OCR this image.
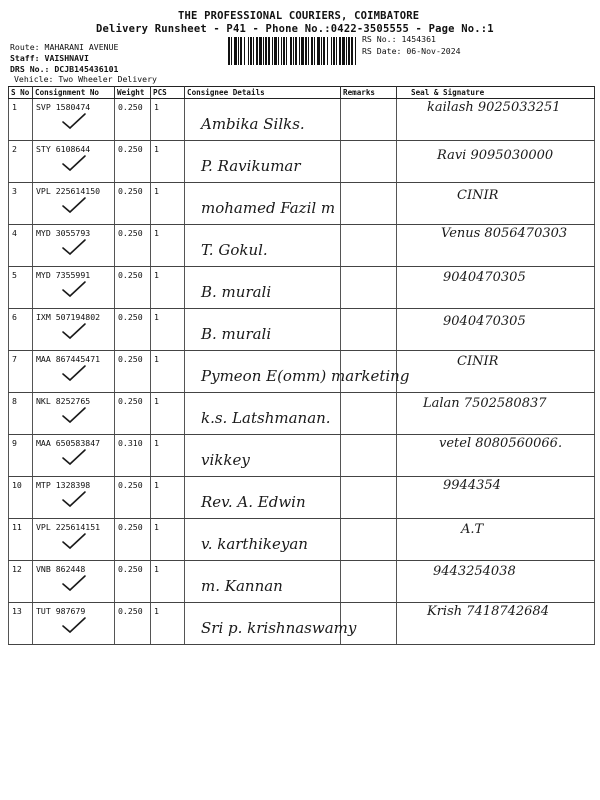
THE PROFESSIONAL COURIERS, COIMBATORE
Delivery Runsheet - P41 - Phone No.:0422-3505555 - Page No.:1
Route: MAHARANI AVENUE
Staff: VAISHNAVI
DRS No.: DCJB145436101
Vehicle: Two Wheeler Delivery
RS No.: 1454361
RS Date: 06-Nov-2024
S No	Consignment No	Weight	PCS	Consignee Details	Remarks	Seal & Signature
1	SVP 1580474	0.250	1	Ambika Silks.		kailash 9025033251

2	STY 6108644	0.250	1	P. Ravikumar		Ravi 9095030000

3	VPL 225614150	0.250	1	mohamed Fazil m		CINIR

4	MYD 3055793	0.250	1	T. Gokul.		Venus 8056470303

5	MYD 7355991	0.250	1	B. murali		9040470305

6	IXM 507194802	0.250	1	B. murali		9040470305

7	MAA 867445471	0.250	1	Pymeon E(omm) marketing		CINIR

8	NKL 8252765	0.250	1	k.s. Latshmanan.		Lalan 7502580837

9	MAA 650583847	0.310	1	vikkey		vetel 8080560066.

10	MTP 1328398	0.250	1	Rev. A. Edwin		9944354

11	VPL 225614151	0.250	1	v. karthikeyan		A.T

12	VNB 862448	0.250	1	m. Kannan		9443254038

13	TUT 987679	0.250	1	Sri p. krishnaswamy		Krish 7418742684
